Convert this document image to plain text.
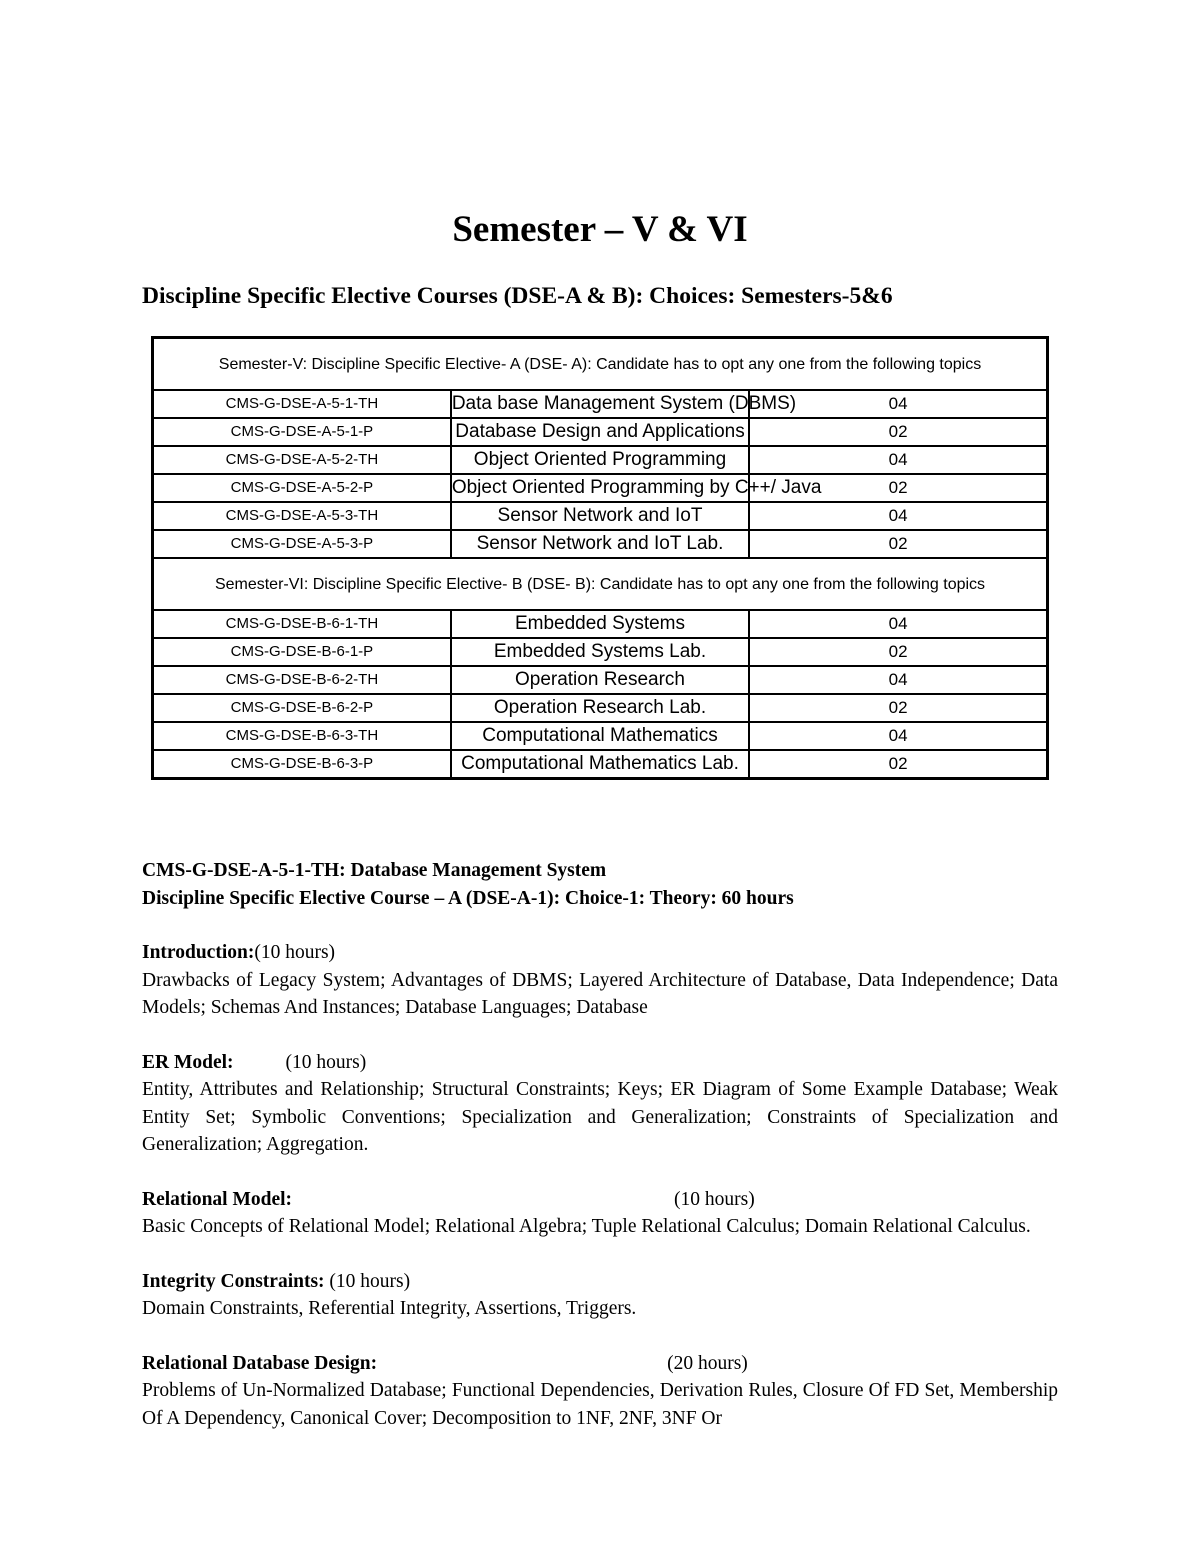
Semester – V & VI
Discipline Specific Elective Courses (DSE-A & B): Choices: Semesters-5&6
Semester-V: Discipline Specific Elective- A (DSE- A): Candidate has to opt any one from the following topics		
CMS-G-DSE-A-5-1-TH	Data base Management System (DBMS)	04
CMS-G-DSE-A-5-1-P	Database Design and Applications	02
CMS-G-DSE-A-5-2-TH	Object Oriented Programming	04
CMS-G-DSE-A-5-2-P	Object Oriented Programming by C++/ Java	02
CMS-G-DSE-A-5-3-TH	Sensor Network and IoT	04
CMS-G-DSE-A-5-3-P	Sensor Network and IoT Lab.	02
Semester-VI: Discipline Specific Elective- B (DSE- B): Candidate has to opt any one from the following topics		
CMS-G-DSE-B-6-1-TH	Embedded Systems	04
CMS-G-DSE-B-6-1-P	Embedded Systems Lab.	02
CMS-G-DSE-B-6-2-TH	Operation Research	04
CMS-G-DSE-B-6-2-P	Operation Research Lab.	02
CMS-G-DSE-B-6-3-TH	Computational Mathematics	04
CMS-G-DSE-B-6-3-P	Computational Mathematics Lab.	02
CMS-G-DSE-A-5-1-TH: Database Management System
Discipline Specific Elective Course – A (DSE-A-1): Choice-1: Theory: 60 hours
Introduction:(10 hours)
Drawbacks of Legacy System; Advantages of DBMS; Layered Architecture of Database, Data Independence; Data Models; Schemas And Instances; Database Languages; Database
ER Model:	(10 hours)
Entity, Attributes and Relationship; Structural Constraints; Keys; ER Diagram of Some Example Database; Weak Entity Set; Symbolic Conventions; Specialization and Generalization; Constraints of Specialization and Generalization; Aggregation.
Relational Model:	(10 hours)
Basic Concepts of Relational Model; Relational Algebra; Tuple Relational Calculus; Domain Relational Calculus.
Integrity Constraints: (10 hours)
Domain Constraints, Referential Integrity, Assertions, Triggers.
Relational Database Design:	(20 hours)
Problems of Un-Normalized Database; Functional Dependencies, Derivation Rules, Closure Of FD Set, Membership Of A Dependency, Canonical Cover; Decomposition to 1NF, 2NF, 3NF Or
